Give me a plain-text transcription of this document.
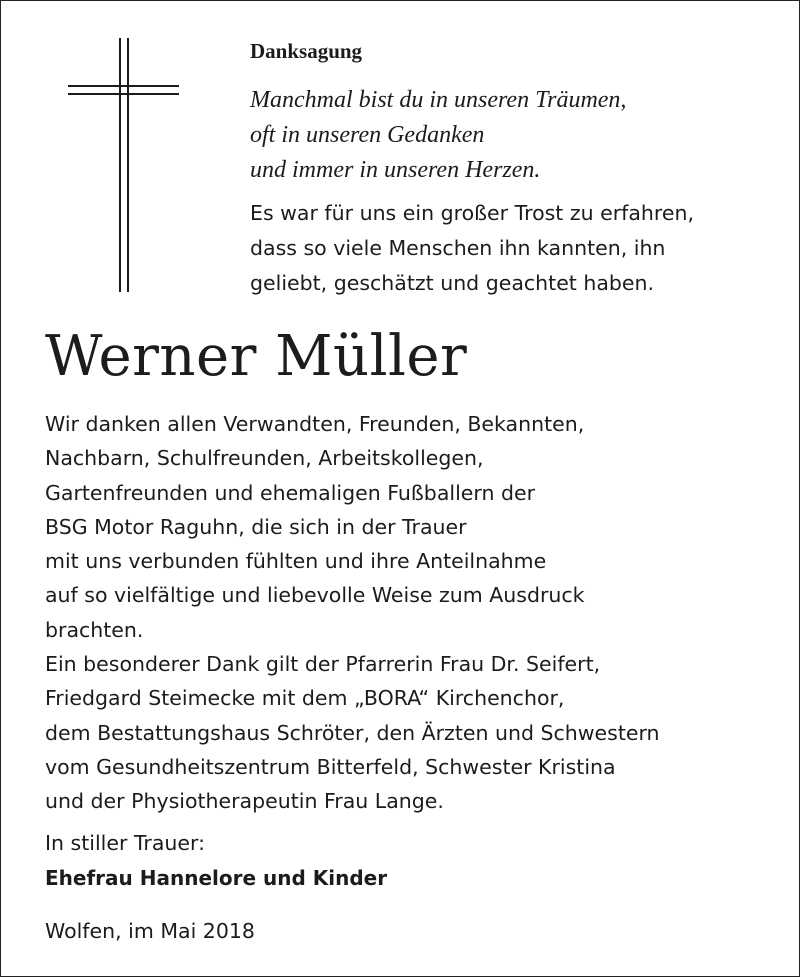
Danksagung
Manchmal bist du in unseren Träumen,
oft in unseren Gedanken
und immer in unseren Herzen.
Es war für uns ein großer Trost zu erfahren,
dass so viele Menschen ihn kannten, ihn
geliebt, geschätzt und geachtet haben.
Werner Müller
Wir danken allen Verwandten, Freunden, Bekannten,
Nachbarn, Schulfreunden, Arbeitskollegen,
Gartenfreunden und ehemaligen Fußballern der
BSG Motor Raguhn, die sich in der Trauer
mit uns verbunden fühlten und ihre Anteilnahme
auf so vielfältige und liebevolle Weise zum Ausdruck
brachten.
Ein besonderer Dank gilt der Pfarrerin Frau Dr. Seifert,
Friedgard Steimecke mit dem „BORA“ Kirchenchor,
dem Bestattungshaus Schröter, den Ärzten und Schwestern
vom Gesundheitszentrum Bitterfeld, Schwester Kristina
und der Physiotherapeutin Frau Lange.
In stiller Trauer:
Ehefrau Hannelore und Kinder
Wolfen, im Mai 2018
